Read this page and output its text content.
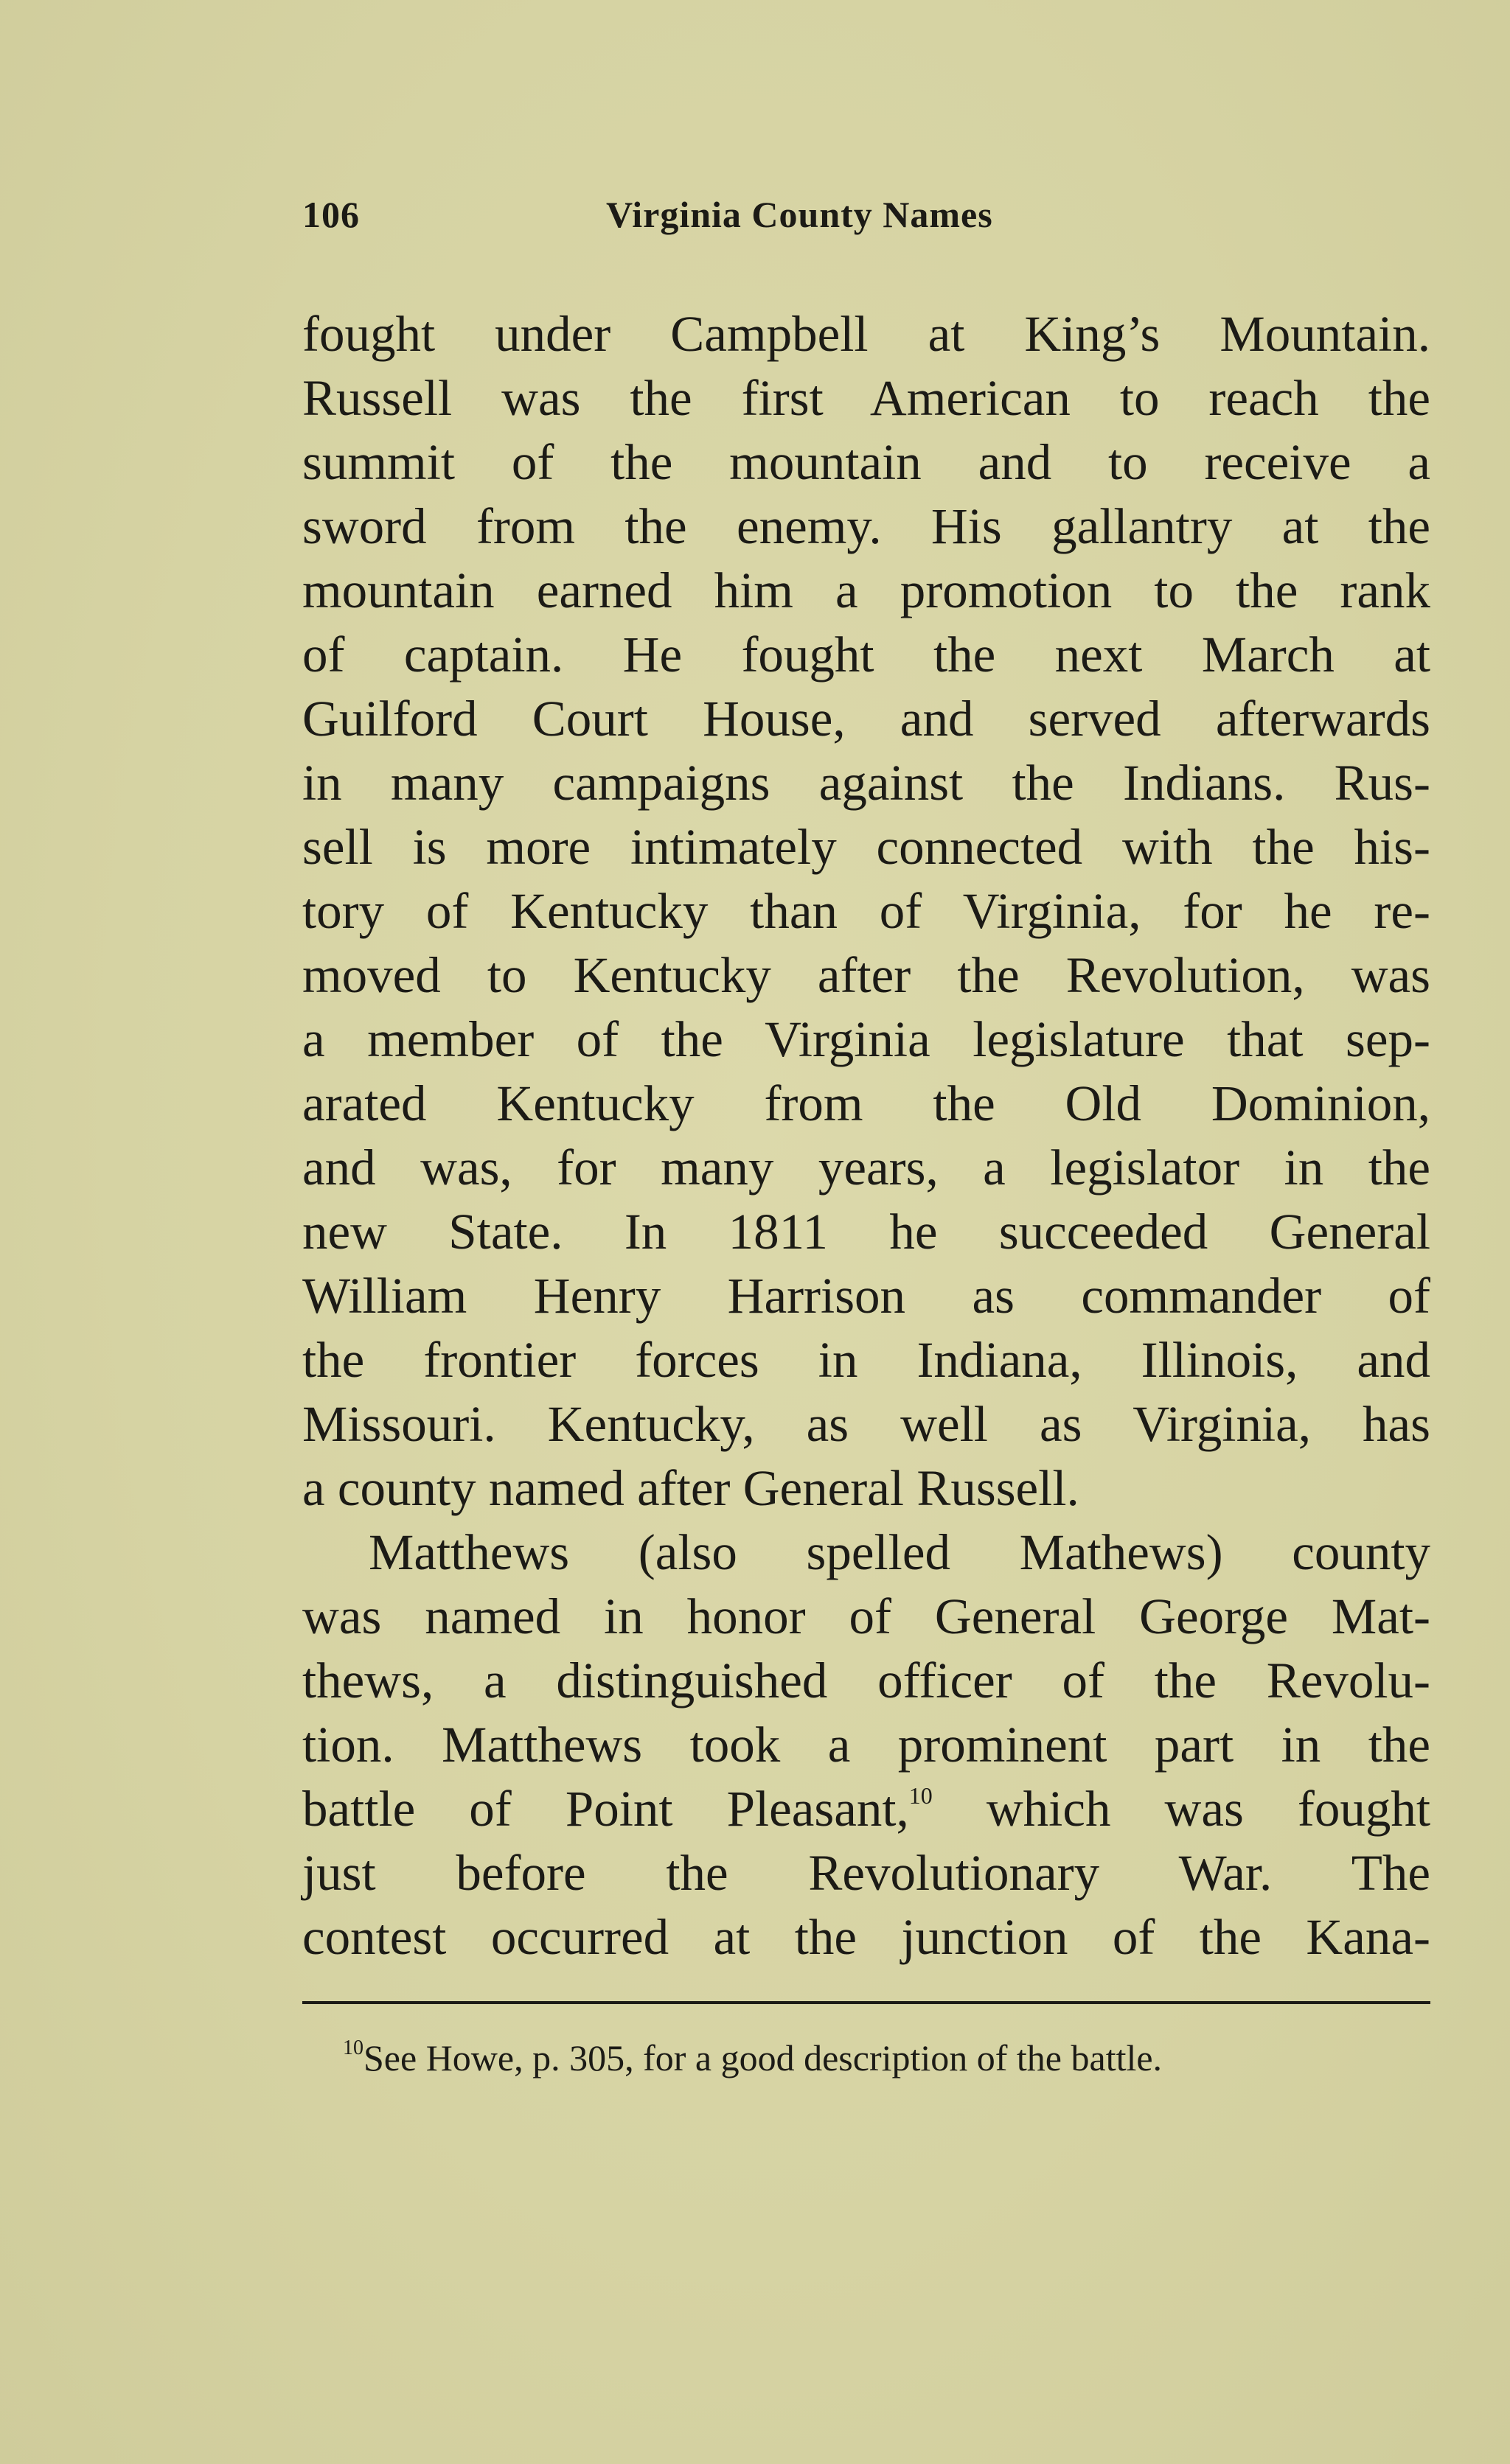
106	Virginia County Names
fought under Campbell at King’s Mountain.
Russell was the first American to reach the
summit of the mountain and to receive a
sword from the enemy. His gallantry at the
mountain earned him a promotion to the rank
of captain. He fought the next March at
Guilford Court House, and served afterwards
in many campaigns against the Indians. Rus-
sell is more intimately connected with the his-
tory of Kentucky than of Virginia, for he re-
moved to Kentucky after the Revolution, was
a member of the Virginia legislature that sep-
arated Kentucky from the Old Dominion,
and was, for many years, a legislator in the
new State. In 1811 he succeeded General
William Henry Harrison as commander of
the frontier forces in Indiana, Illinois, and
Missouri. Kentucky, as well as Virginia, has
a county named after General Russell.
Matthews (also spelled Mathews) county
was named in honor of General George Mat-
thews, a distinguished officer of the Revolu-
tion. Matthews took a prominent part in the
battle of Point Pleasant,$^{10}$ which was fought
just before the Revolutionary War. The
contest occurred at the junction of the Kana-
$^{10}$See Howe, p. 305, for a good description of the battle.
